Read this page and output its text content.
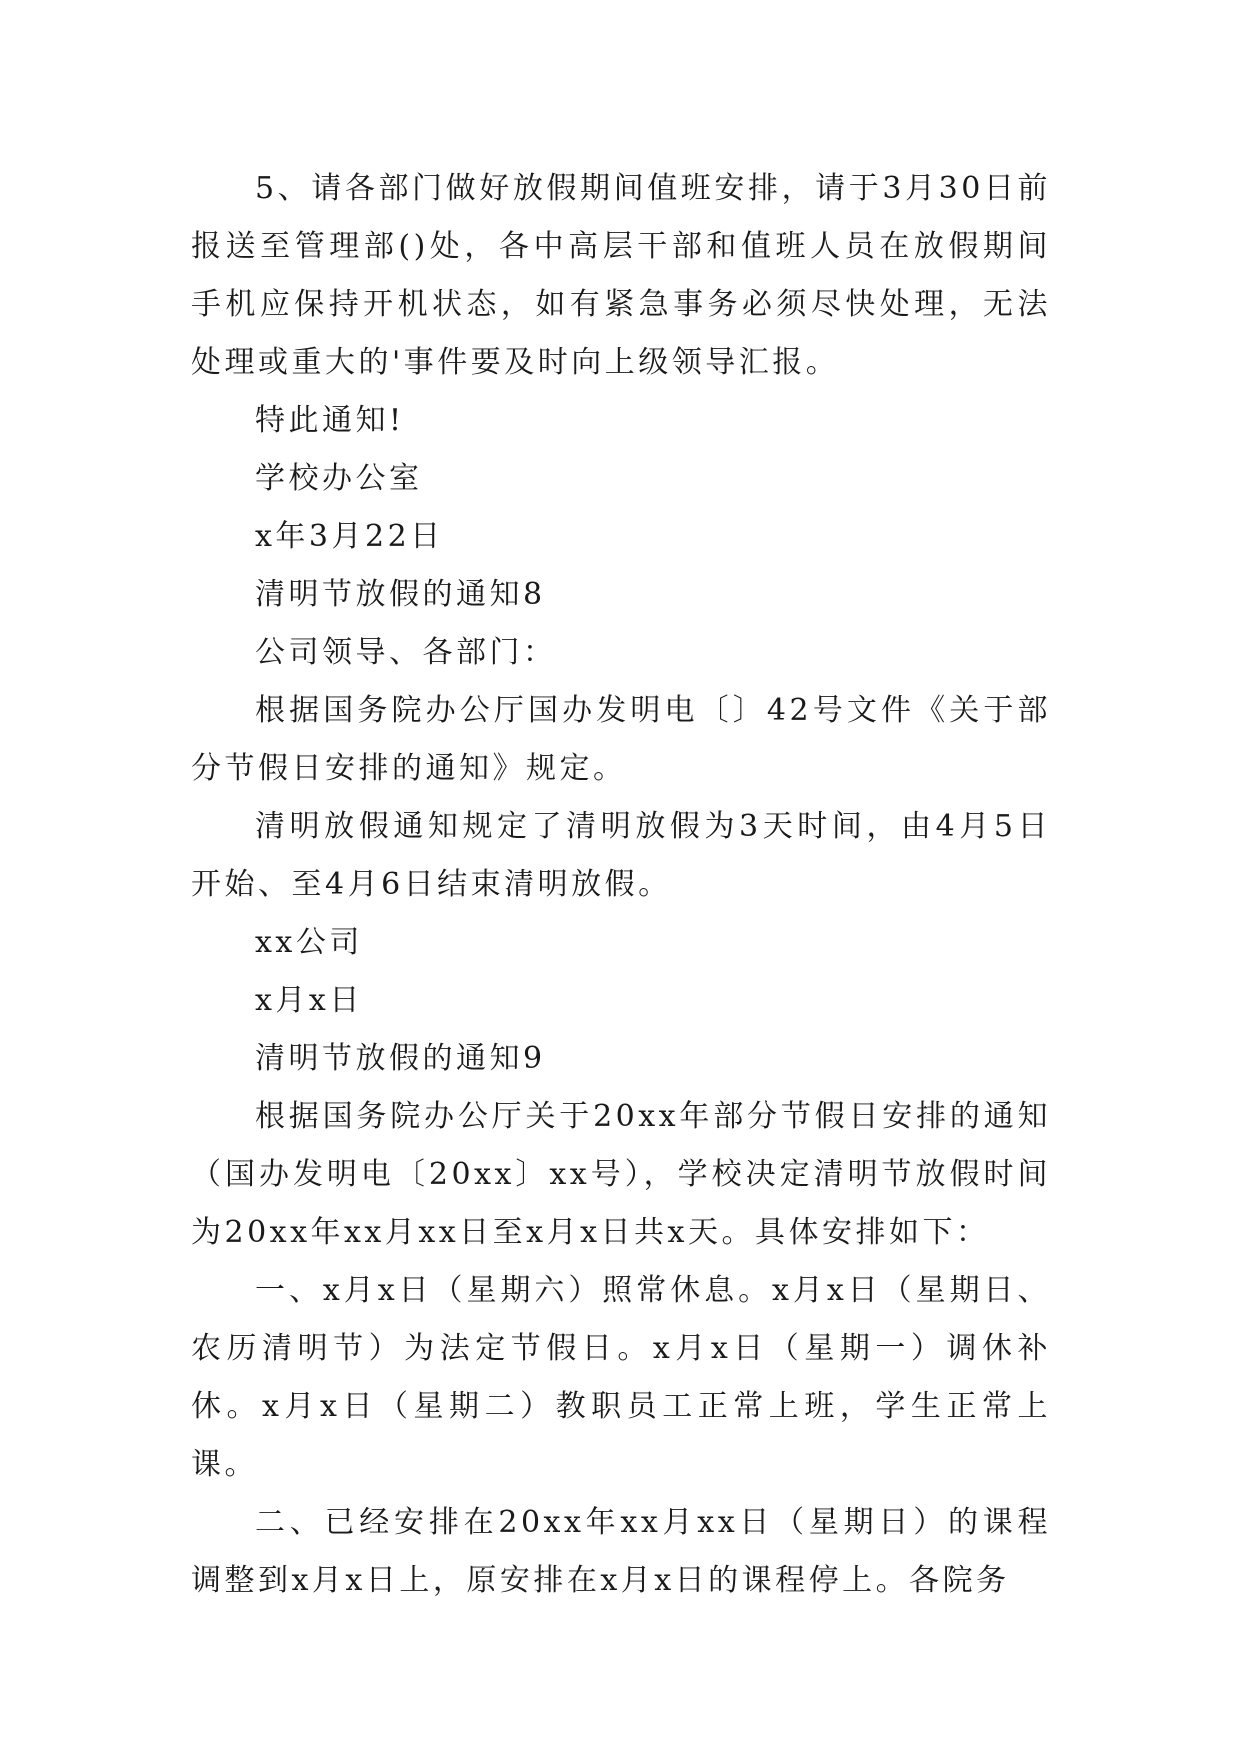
5、请各部门做好放假期间值班安排，请于3月30日前报送至管理部()处，各中高层干部和值班人员在放假期间手机应保持开机状态，如有紧急事务必须尽快处理，无法处理或重大的'事件要及时向上级领导汇报。

特此通知!

学校办公室

x年3月22日

清明节放假的通知8

公司领导、各部门：

根据国务院办公厅国办发明电〔〕42号文件《关于部分节假日安排的通知》规定。

清明放假通知规定了清明放假为3天时间，由4月5日开始、至4月6日结束清明放假。

xx公司

x月x日

清明节放假的通知9

根据国务院办公厅关于20xx年部分节假日安排的通知（国办发明电〔20xx〕xx号），学校决定清明节放假时间为20xx年xx月xx日至x月x日共x天。具体安排如下：

一、x月x日（星期六）照常休息。x月x日（星期日、农历清明节）为法定节假日。x月x日（星期一）调休补休。x月x日（星期二）教职员工正常上班，学生正常上课。

二、已经安排在20xx年xx月xx日（星期日）的课程调整到x月x日上，原安排在x月x日的课程停上。各院务
